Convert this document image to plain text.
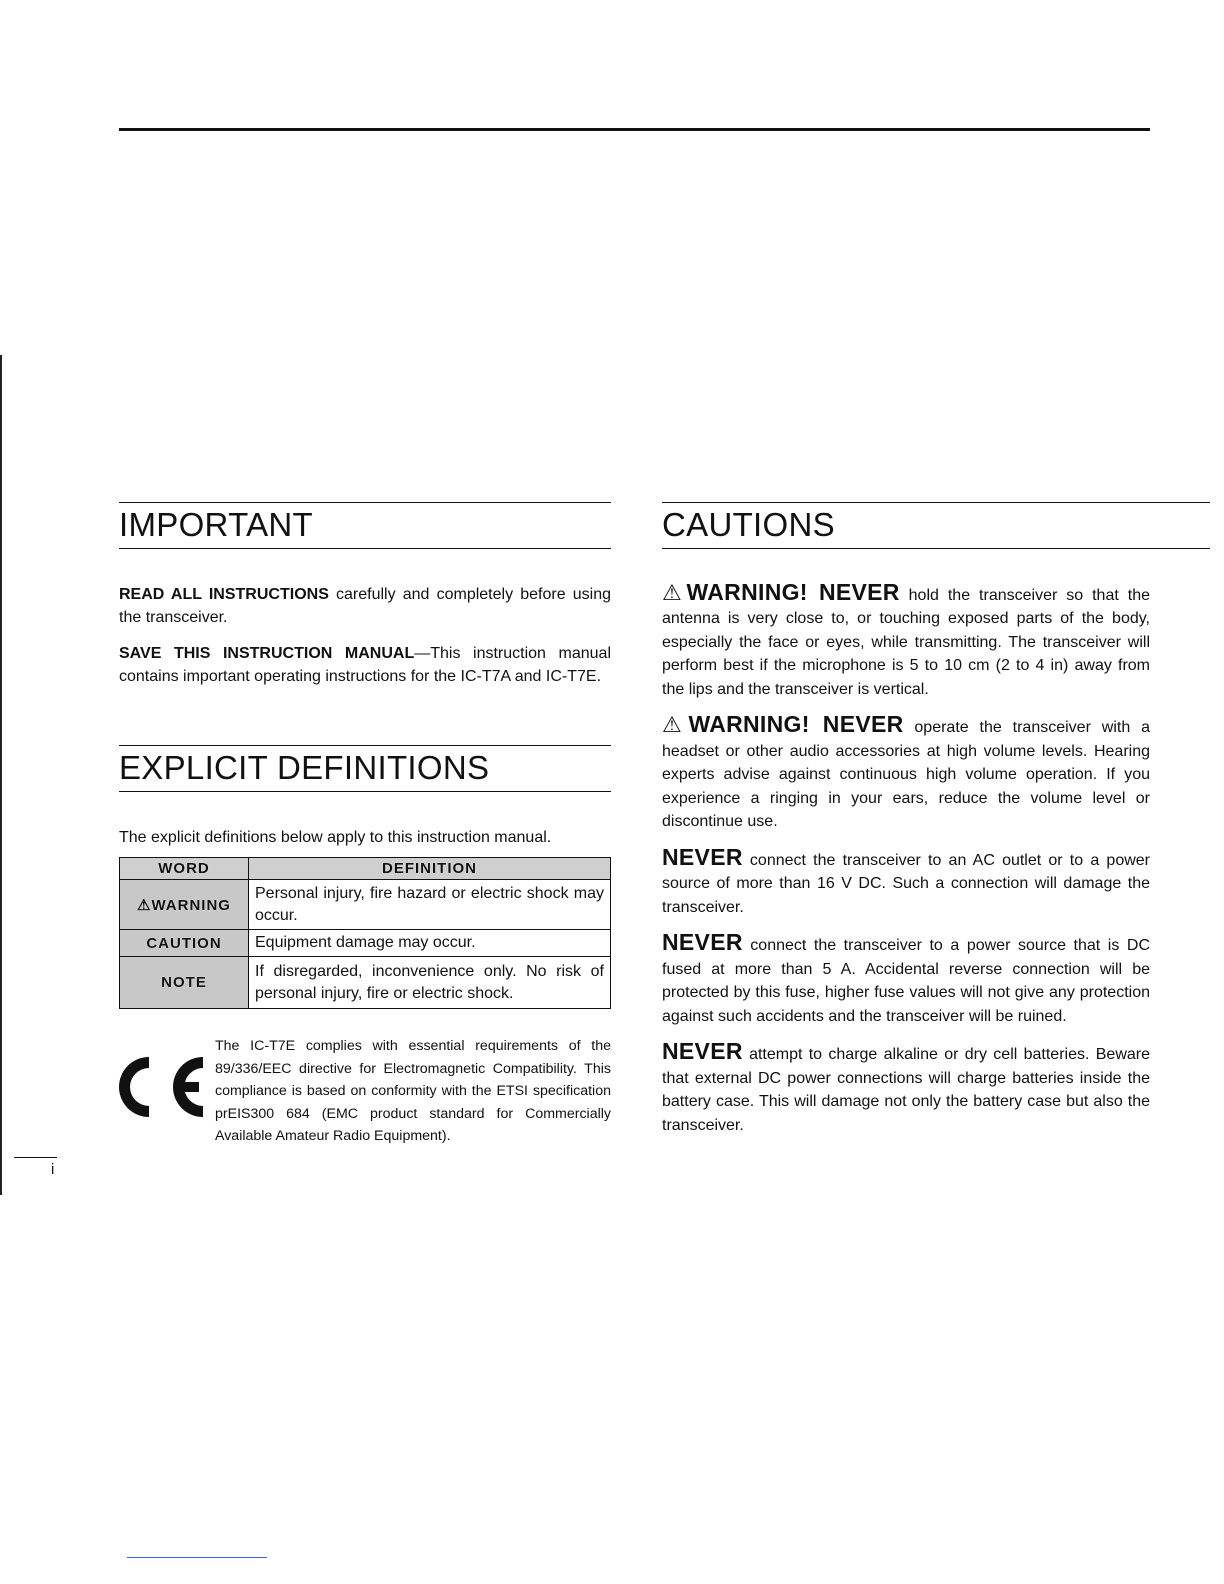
IMPORTANT

READ ALL INSTRUCTIONS carefully and completely before using the transceiver.

SAVE THIS INSTRUCTION MANUAL—This instruction manual contains important operating instructions for the IC-T7A and IC-T7E.

EXPLICIT DEFINITIONS

The explicit definitions below apply to this instruction manual.

WORD	DEFINITION
⚠WARNING	Personal injury, fire hazard or electric shock may occur.
CAUTION	Equipment damage may occur.
NOTE	If disregarded, inconvenience only. No risk of personal injury, fire or electric shock.
The IC-T7E complies with essential requirements of the 89/336/EEC directive for Electromagnetic Compatibility. This compliance is based on conformity with the ETSI specification prEIS300 684 (EMC product standard for Commercially Available Amateur Radio Equipment).
CAUTIONS

⚠WARNING! NEVER hold the transceiver so that the antenna is very close to, or touching exposed parts of the body, especially the face or eyes, while transmitting. The transceiver will perform best if the microphone is 5 to 10 cm (2 to 4 in) away from the lips and the transceiver is vertical.

⚠WARNING! NEVER operate the transceiver with a headset or other audio accessories at high volume levels. Hearing experts advise against continuous high volume operation. If you experience a ringing in your ears, reduce the volume level or discontinue use.

NEVER connect the transceiver to an AC outlet or to a power source of more than 16 V DC. Such a connection will damage the transceiver.

NEVER connect the transceiver to a power source that is DC fused at more than 5 A. Accidental reverse connection will be protected by this fuse, higher fuse values will not give any protection against such accidents and the transceiver will be ruined.

NEVER attempt to charge alkaline or dry cell batteries. Beware that external DC power connections will charge batteries inside the battery case. This will damage not only the battery case but also the transceiver.

i
